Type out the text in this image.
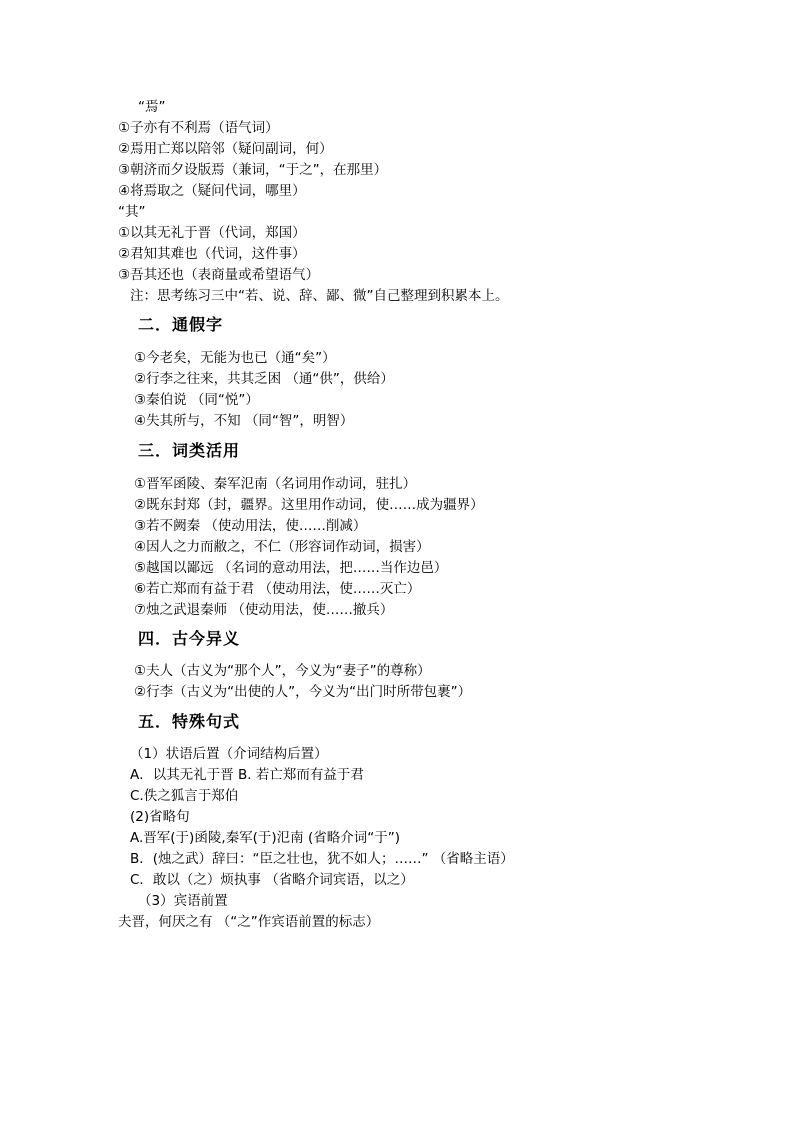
“焉”
①子亦有不利焉（语气词）
②焉用亡郑以陪邻（疑问副词，何）
③朝济而夕设版焉（兼词，“于之”，在那里）
④将焉取之（疑问代词，哪里）
“其”
①以其无礼于晋（代词，郑国）
②君知其难也（代词，这件事）
③吾其还也（表商量或希望语气）
注：思考练习三中“若、说、辞、鄙、微”自己整理到积累本上。
二．通假字
①今老矣，无能为也已（通“矣”）
②行李之往来，共其乏困 （通“供”，供给）
③秦伯说 （同“悦”）
④失其所与，不知 （同“智”，明智）
三．词类活用
①晋军函陵、秦军氾南（名词用作动词，驻扎）
②既东封郑（封，疆界。这里用作动词，使……成为疆界）
③若不阙秦 （使动用法，使……削减）
④因人之力而敝之，不仁（形容词作动词，损害）
⑤越国以鄙远 （名词的意动用法，把……当作边邑）
⑥若亡郑而有益于君 （使动用法，使……灭亡）
⑦烛之武退秦师 （使动用法，使……撤兵）
四．古今异义
①夫人（古义为“那个人”，今义为“妻子”的尊称）
②行李（古义为“出使的人”，今义为“出门时所带包裹”）
五．特殊句式
（1）状语后置（介词结构后置）
A．以其无礼于晋 B. 若亡郑而有益于君
C.佚之狐言于郑伯
(2)省略句
A.晋军(于)函陵,秦军(于)氾南 (省略介词“于”)
B．(烛之武）辞曰：“臣之壮也，犹不如人；……” （省略主语）
C．敢以（之）烦执事 （省略介词宾语，以之）
（3）宾语前置
夫晋，何厌之有 （“之”作宾语前置的标志）
